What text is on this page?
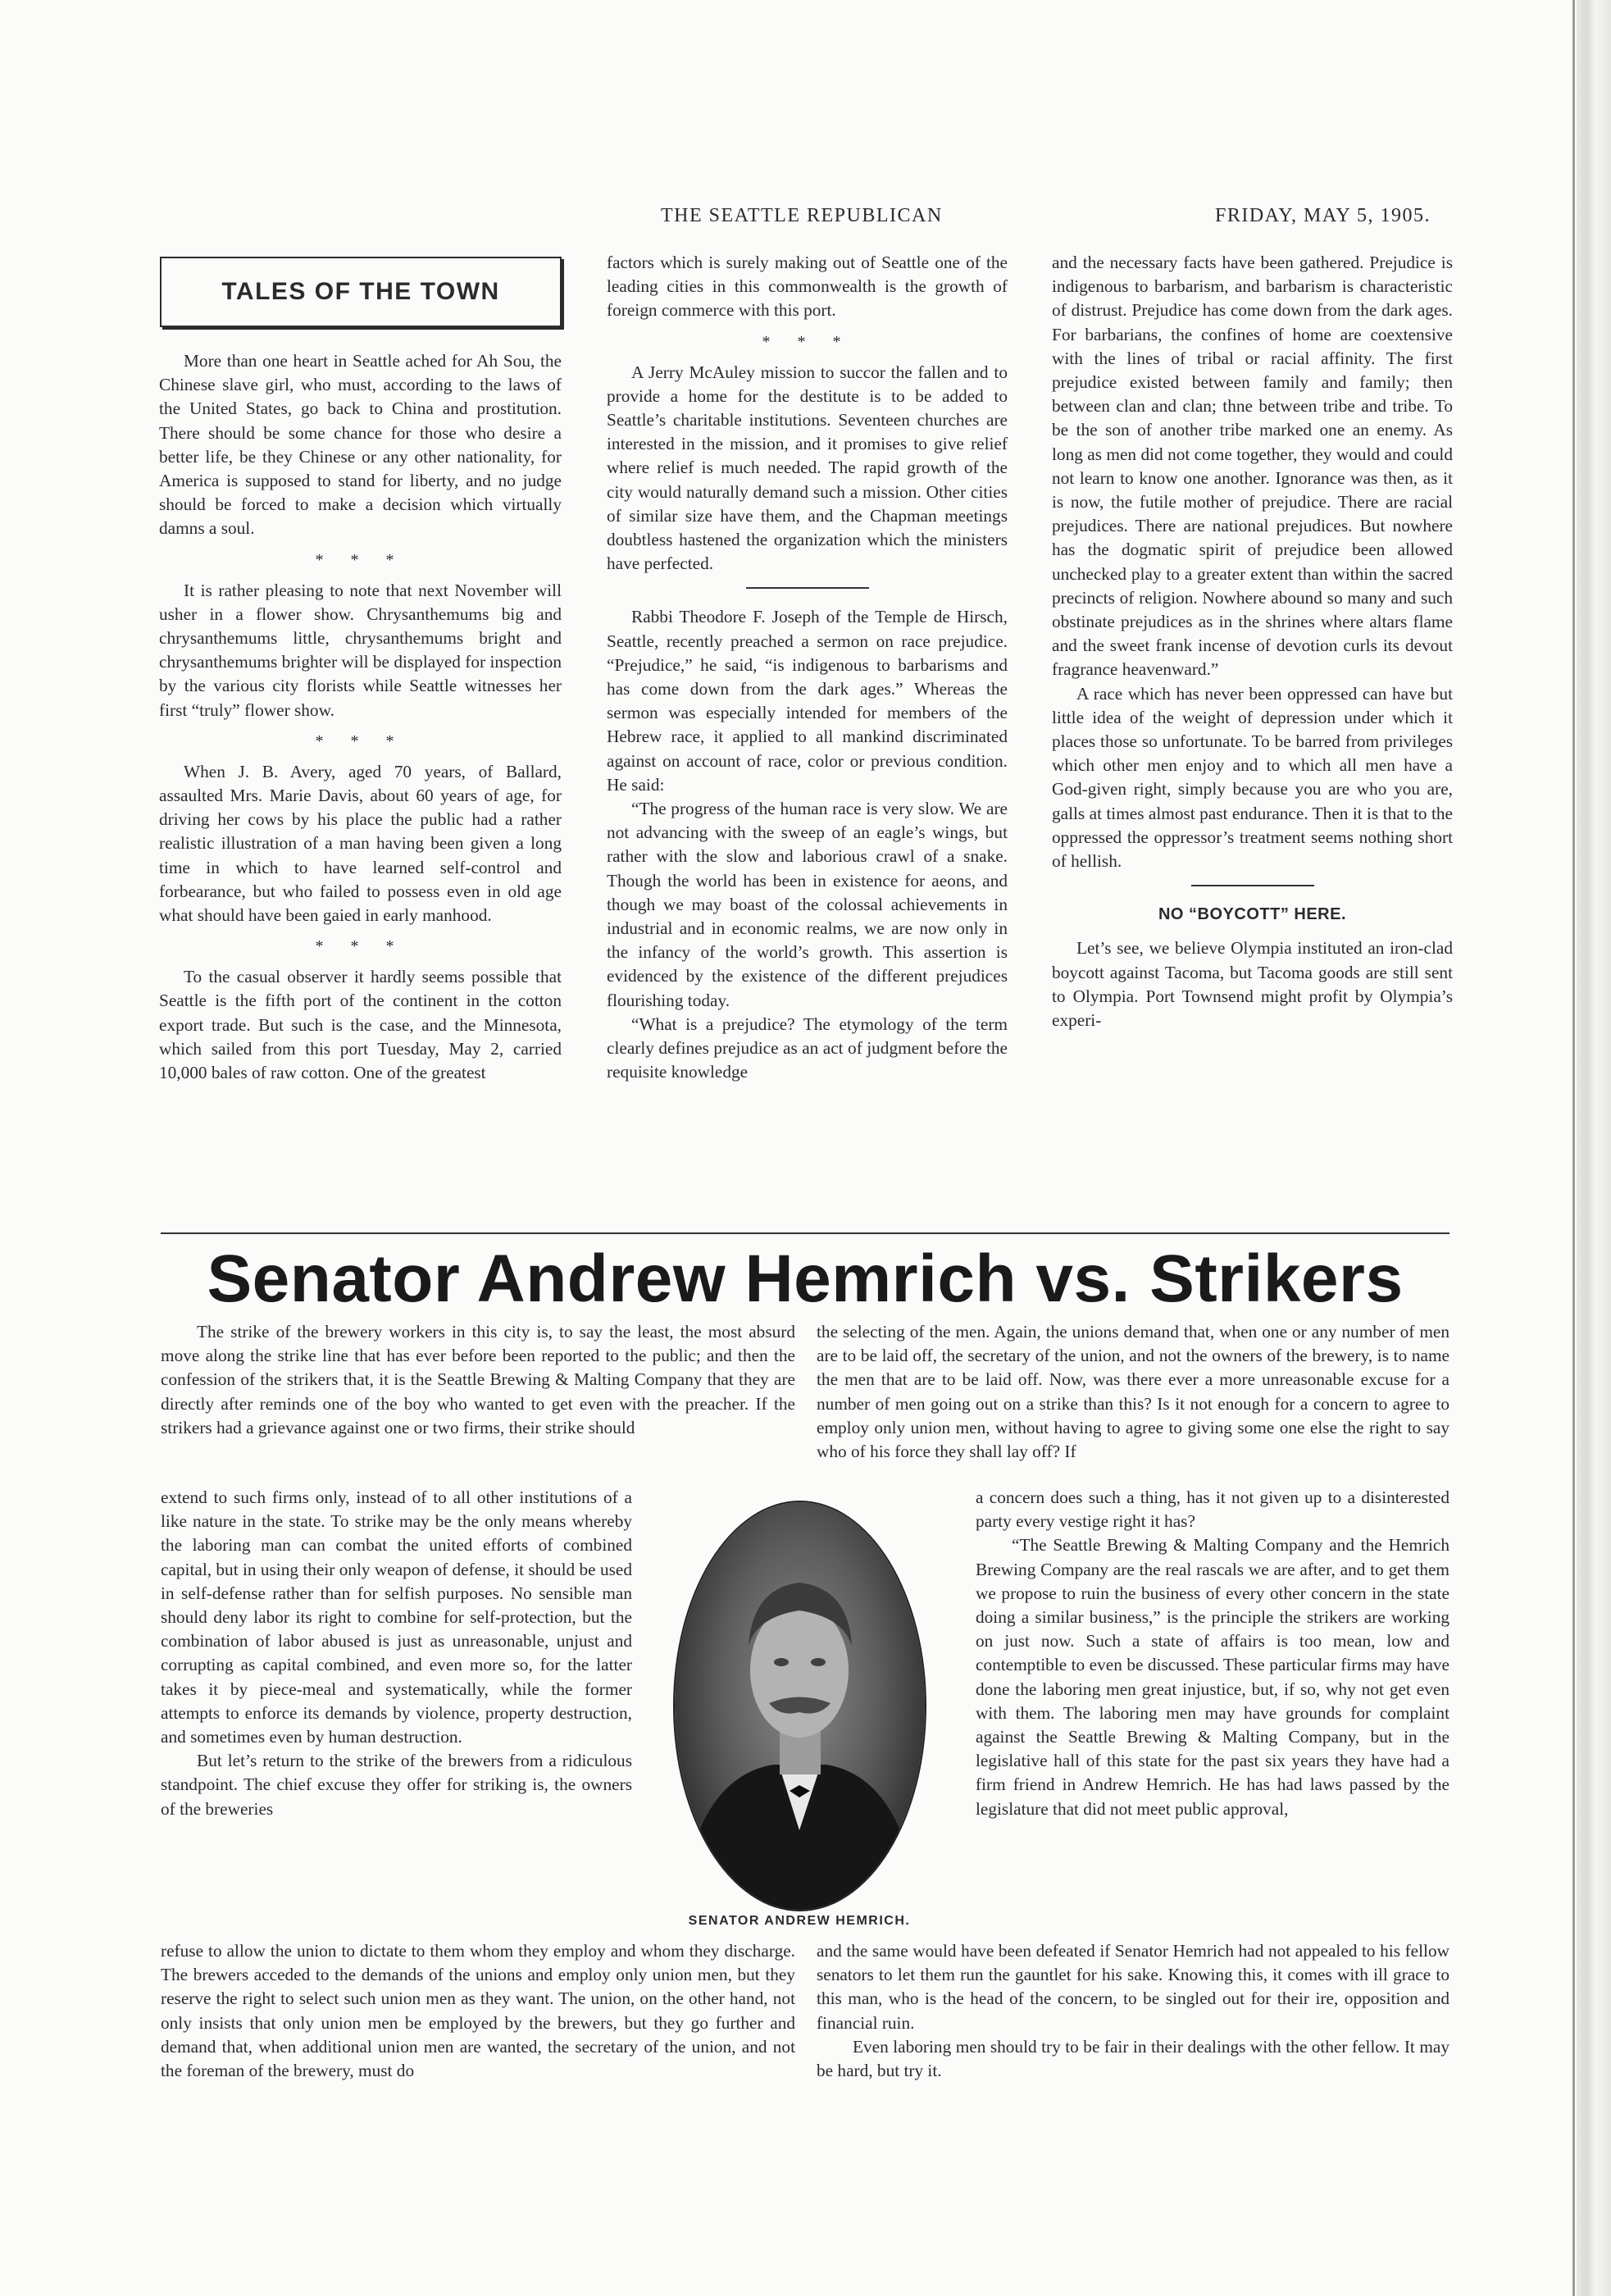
THE SEATTLE REPUBLICAN	FRIDAY, MAY 5, 1905.
TALES OF THE TOWN

More than one heart in Seattle ached for Ah Sou, the Chinese slave girl, who must, according to the laws of the United States, go back to China and prostitution. There should be some chance for those who desire a better life, be they Chinese or any other nationality, for America is supposed to stand for liberty, and no judge should be forced to make a decision which virtually damns a soul.

* * *

It is rather pleasing to note that next November will usher in a flower show. Chrysanthemums big and chrysanthemums little, chrysanthemums bright and chrysanthemums brighter will be displayed for inspection by the various city florists while Seattle witnesses her first “truly” flower show.

* * *

When J. B. Avery, aged 70 years, of Ballard, assaulted Mrs. Marie Davis, about 60 years of age, for driving her cows by his place the public had a rather realistic illustration of a man having been given a long time in which to have learned self-control and forbearance, but who failed to possess even in old age what should have been gaied in early manhood.

* * *

To the casual observer it hardly seems possible that Seattle is the fifth port of the continent in the cotton export trade. But such is the case, and the Minnesota, which sailed from this port Tuesday, May 2, carried 10,000 bales of raw cotton. One of the greatest

factors which is surely making out of Seattle one of the leading cities in this commonwealth is the growth of foreign commerce with this port.

* * *

A Jerry McAuley mission to succor the fallen and to provide a home for the destitute is to be added to Seattle’s charitable institutions. Seventeen churches are interested in the mission, and it promises to give relief where relief is much needed. The rapid growth of the city would naturally demand such a mission. Other cities of similar size have them, and the Chapman meetings doubtless hastened the organization which the ministers have perfected.

Rabbi Theodore F. Joseph of the Temple de Hirsch, Seattle, recently preached a sermon on race prejudice. “Prejudice,” he said, “is indigenous to barbarisms and has come down from the dark ages.” Whereas the sermon was especially intended for members of the Hebrew race, it applied to all mankind discriminated against on account of race, color or previous condition. He said:

“The progress of the human race is very slow. We are not advancing with the sweep of an eagle’s wings, but rather with the slow and laborious crawl of a snake. Though the world has been in existence for aeons, and though we may boast of the colossal achievements in industrial and in economic realms, we are now only in the infancy of the world’s growth. This assertion is evidenced by the existence of the different prejudices flourishing today.

“What is a prejudice? The etymology of the term clearly defines prejudice as an act of judgment before the requisite knowledge

and the necessary facts have been gathered. Prejudice is indigenous to barbarism, and barbarism is characteristic of distrust. Prejudice has come down from the dark ages. For barbarians, the confines of home are coextensive with the lines of tribal or racial affinity. The first prejudice existed between family and family; then between clan and clan; thne between tribe and tribe. To be the son of another tribe marked one an enemy. As long as men did not come together, they would and could not learn to know one another. Ignorance was then, as it is now, the futile mother of prejudice. There are racial prejudices. There are national prejudices. But nowhere has the dogmatic spirit of prejudice been allowed unchecked play to a greater extent than within the sacred precincts of religion. Nowhere abound so many and such obstinate prejudices as in the shrines where altars flame and the sweet frank incense of devotion curls its devout fragrance heavenward.”

A race which has never been oppressed can have but little idea of the weight of depression under which it places those so unfortunate. To be barred from privileges which other men enjoy and to which all men have a God-given right, simply because you are who you are, galls at times almost past endurance. Then it is that to the oppressed the oppressor’s treatment seems nothing short of hellish.

NO “BOYCOTT” HERE.

Let’s see, we believe Olympia instituted an iron-clad boycott against Tacoma, but Tacoma goods are still sent to Olympia. Port Townsend might profit by Olympia’s experi-

Senator Andrew Hemrich vs. Strikers

The strike of the brewery workers in this city is, to say the least, the most absurd move along the strike line that has ever before been reported to the public; and then the confession of the strikers that, it is the Seattle Brewing & Malting Company that they are directly after reminds one of the boy who wanted to get even with the preacher. If the strikers had a grievance against one or two firms, their strike should

the selecting of the men. Again, the unions demand that, when one or any number of men are to be laid off, the secretary of the union, and not the owners of the brewery, is to name the men that are to be laid off. Now, was there ever a more unreasonable excuse for a number of men going out on a strike than this? Is it not enough for a concern to agree to employ only union men, without having to agree to giving some one else the right to say who of his force they shall lay off? If

extend to such firms only, instead of to all other institutions of a like nature in the state. To strike may be the only means whereby the laboring man can combat the united efforts of combined capital, but in using their only weapon of defense, it should be used in self-defense rather than for selfish purposes. No sensible man should deny labor its right to combine for self-protection, but the combination of labor abused is just as unreasonable, unjust and corrupting as capital combined, and even more so, for the latter takes it by piece-meal and systematically, while the former attempts to enforce its demands by violence, property destruction, and sometimes even by human destruction.

But let’s return to the strike of the brewers from a ridiculous standpoint. The chief excuse they offer for striking is, the owners of the breweries

a concern does such a thing, has it not given up to a disinterested party every vestige right it has?

“The Seattle Brewing & Malting Company and the Hemrich Brewing Company are the real rascals we are after, and to get them we propose to ruin the business of every other concern in the state doing a similar business,” is the principle the strikers are working on just now. Such a state of affairs is too mean, low and contemptible to even be discussed. These particular firms may have done the laboring men great injustice, but, if so, why not get even with them. The laboring men may have grounds for complaint against the Seattle Brewing & Malting Company, but in the legislative hall of this state for the past six years they have had a firm friend in Andrew Hemrich. He has had laws passed by the legislature that did not meet public approval,

SENATOR ANDREW HEMRICH.

refuse to allow the union to dictate to them whom they employ and whom they discharge. The brewers acceded to the demands of the unions and employ only union men, but they reserve the right to select such union men as they want. The union, on the other hand, not only insists that only union men be employed by the brewers, but they go further and demand that, when additional union men are wanted, the secretary of the union, and not the foreman of the brewery, must do

and the same would have been defeated if Senator Hemrich had not appealed to his fellow senators to let them run the gauntlet for his sake. Knowing this, it comes with ill grace to this man, who is the head of the concern, to be singled out for their ire, opposition and financial ruin.

Even laboring men should try to be fair in their dealings with the other fellow. It may be hard, but try it.
